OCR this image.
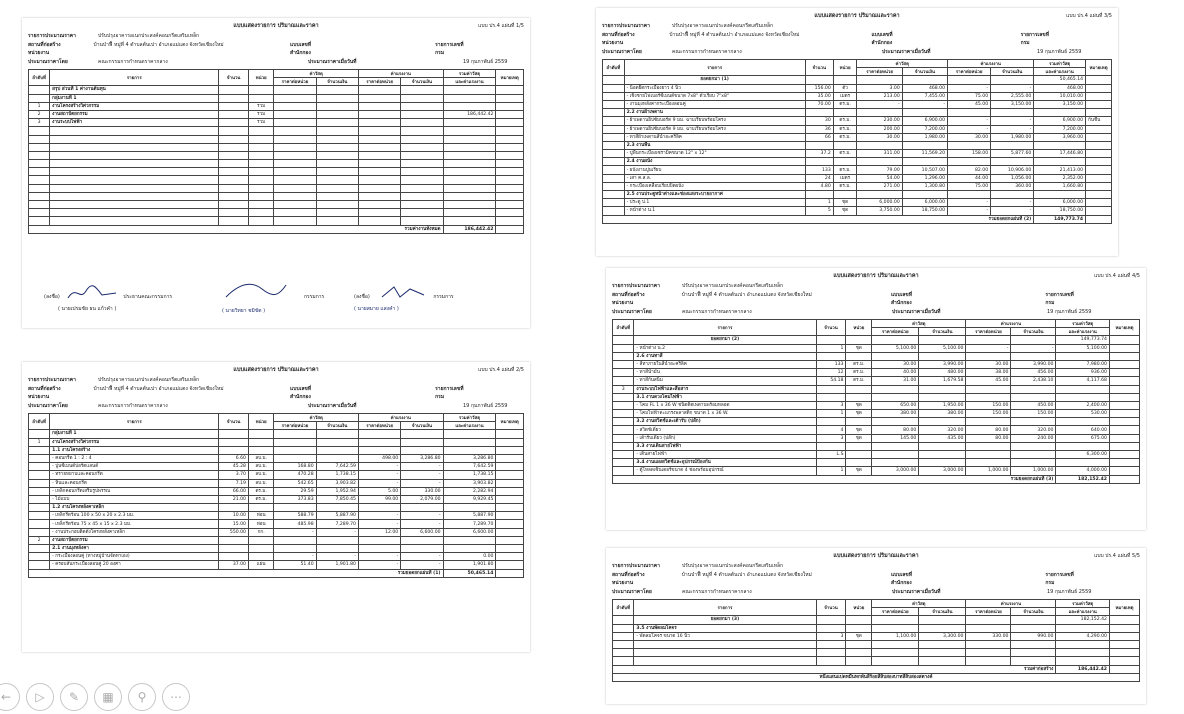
แบบแสดงรายการ ปริมาณและราคา	แบบ ปร.4 แผ่นที่ 1/5
รายการประมาณราคา	ปรับปรุงอาคารอเนกประสงค์คอนกรีตเสริมเหล็ก
สถานที่ก่อสร้าง	บ้านป่าฟื้ หมู่ที่ 4 ตำบลต้นเปา อำเภอแม่แตง จังหวัดเชียงใหม่	แบบเลขที่	รายการเลขที่
หน่วยงาน	สำนักกอง	กรม
ประมาณราคาโดย	คณะกรรมการกำหนดราคากลาง	ประมาณราคาเมื่อวันที่	19 กุมภาพันธ์ 2559
ลำดับที่	รายการ	จำนวน	หน่วย	ค่าวัสดุ		ค่าแรงงาน		รวมค่าวัสดุ	หมายเหตุ
				ราคาต่อหน่วย	จำนวนเงิน	ราคาต่อหน่วย	จำนวนเงิน	และค่าแรงงาน	
	สรุป ส่วนที่ 1 ค่างานต้นทุน								
	กลุ่มงานที่ 1								
1	งานโครงสร้างวิศวกรรม		รวม						
2	งานสถาปัตยกรรม		รวม					186,442.42	
3	งานระบบไฟฟ้า		รวม						

รวมค่างานทั้งหมด								186,442.42	
(ลงชื่อ)	ประธานคณะกรรมการ
( นายเปรมชัย ธน แก้วคำ )
กรรมการ
( นายวิทยา ชมิขัต )
(ลงชื่อ)	กรรมการ
( นายสมาย แสงคำ )
แบบแสดงรายการ ปริมาณและราคา	แบบ ปร.4 แผ่นที่ 2/5
รายการประมาณราคา	ปรับปรุงอาคารอเนกประสงค์คอนกรีตเสริมเหล็ก
สถานที่ก่อสร้าง	บ้านป่าฟื้ หมู่ที่ 4 ตำบลต้นเปา อำเภอแม่แตง จังหวัดเชียงใหม่	แบบเลขที่	รายการเลขที่
หน่วยงาน	สำนักกอง	กรม
ประมาณราคาโดย	คณะกรรมการกำหนดราคากลาง	ประมาณราคาเมื่อวันที่	19 กุมภาพันธ์ 2559
ลำดับที่	รายการ	จำนวน	หน่วย	ค่าวัสดุ		ค่าแรงงาน		รวมค่าวัสดุ	หมายเหตุ
				ราคาต่อหน่วย	จำนวนเงิน	ราคาต่อหน่วย	จำนวนเงิน	และค่าแรงงาน	
	กลุ่มงานที่ 1								
1	งานโครงสร้างวิศวกรรม								
	1.1 งานโครงสร้าง								
	- คอนกรีต 1 : 2 : 4	6.60	ลบ.ม.			498.00	3,286.80	3,286.80	
	- ปูนซีเมนต์ปอร์ตแลนด์	45.28	ลบ.ม.	168.80	7,642.59	-	-	7,642.59	
	- ทรายหยาบและคอนกรีต	3.70	ลบ.ม.	470.28	1,738.15	-	-	1,738.15	
	- หินและคอนกรีต	7.19	ลบ.ม.	542.65	3,903.82	-	-	3,903.82	
	- เหล็กคอนกรีตเสริมรูปพรรณ	66.00	ตร.ม.	29.59	1,952.94	5.00	330.00	2,282.94	
	- ไม้แบบ	21.00	ตร.ม.	373.83	7,850.45	99.00	2,079.00	9,929.45	
	1.2 งานโครงหลังคาเหล็ก								
	- เหล็กรีดร้อน 100 x 50 x 20 x 2.3 มม.	10.00	ท่อน	588.79	5,887.90	-	-	5,887.90	
	- เหล็กรีดร้อน 75 x 45 x 15 x 2.3 มม.	15.00	ท่อน	485.98	7,289.70	-	-	7,289.70	
	- งานประกอบติดตั้งโครงหลังคาเหล็ก	550.00	กก.	-	-	12.00	6,600.00	6,600.00	
2	งานสถาปัตยกรรม								
	2.1 งานมุงหลังคา								
	- กระเบื้องลอนคู่ (ทางหมู่บ้านจัดหาเอง)			-	-	-	-	0.00	
	- ครอบสันกระเบื้องลอนคู่ 20 องศา	37.00	แผ่น	51.40	1,901.80	-	-	1,901.80	
รวมยอดยกแผ่นที่ (1)								50,465.14	
แบบแสดงรายการ ปริมาณและราคา	แบบ ปร.4 แผ่นที่ 3/5
รายการประมาณราคา	ปรับปรุงอาคารอเนกประสงค์คอนกรีตเสริมเหล็ก
สถานที่ก่อสร้าง	บ้านป่าฟื้ หมู่ที่ 4 ตำบลต้นเปา อำเภอแม่แตง จังหวัดเชียงใหม่	แบบเลขที่	รายการเลขที่
หน่วยงาน	สำนักกอง	กรม
ประมาณราคาโดย	คณะกรรมการกำหนดราคากลาง	ประมาณราคาเมื่อวันที่	19 กุมภาพันธ์ 2559
ลำดับที่	รายการ	จำนวน	หน่วย	ค่าวัสดุ		ค่าแรงงาน		รวมค่าวัสดุ	หมายเหตุ
				ราคาต่อหน่วย	จำนวนเงิน	ราคาต่อหน่วย	จำนวนเงิน	และค่าแรงงาน	
	ยอดยกมา (1)							50,465.14	
	- น็อตยึดกระเบื้องยาว 4 นิ้ว	156.00	ตัว	3.00	468.00	-	-	468.00	
	- เชิงชายไฟเบอร์ซีเมนต์ขนาด 7x8" ตัวเรียบ 7"x8"	35.00	เมตร	213.00	7,455.00	75.00	2,555.00	10,010.00	
	- งานมุงหลังคากระเบื้องลอนคู่	70.00	ตร.ม.	-	-	45.00	3,150.00	3,150.00	
	2.2 งานฝ้าเพดาน								
	- ฝ้าเพดานยิปซัมบอร์ด 9 มม. ฉาบเรียบพร้อมโครง	30	ตร.ม.	230.00	6,900.00	-	-	6,900.00	กันชื้น
	- ฝ้าเพดานยิปซัมบอร์ด 9 มม. ฉาบเรียบพร้อมโครง	36	ตร.ม.	200.00	7,200.00	-	-	7,200.00	
	- ทาสีฝ้าเพดานสีน้ำอะคริลิค	66	ตร.ม.	30.00	1,980.00	30.00	1,980.00	3,960.00	
	2.3 งานพื้น								
	- ปูพื้นกระเบื้องเซรามิคขนาด 12" x 12"	37.2	ตร.ม.	311.00	11,569.20	158.00	5,877.60	17,446.80	
	2.4 งานผนัง								
	- ผนังงานปูนเรียบ	133	ตร.ม.	79.00	10,507.00	82.00	10,906.00	21,413.00	
	- เสา ค.ส.ล.	24	เมตร	54.00	1,296.00	44.00	1,056.00	2,352.00	
	- กระเบื้องเคลือบเรียบปิดผนัง	4.80	ตร.ม.	271.00	1,300.80	75.00	360.00	1,660.80	
	2.5 งานประตูหน้าต่างและช่องแสงระบายอากาศ								
	- ประตู ป.1	1	ชุด	6,000.00	6,000.00	-	-	6,000.00	
	- หน้าต่าง น.1	5	ชุด	3,750.00	18,750.00	-	-	18,750.00	
รวมยอดยกแผ่นที่ (2)								149,773.74	
แบบแสดงรายการ ปริมาณและราคา	แบบ ปร.4 แผ่นที่ 4/5
รายการประมาณราคา	ปรับปรุงอาคารอเนกประสงค์คอนกรีตเสริมเหล็ก
สถานที่ก่อสร้าง	บ้านป่าฟื้ หมู่ที่ 4 ตำบลต้นเปา อำเภอแม่แตง จังหวัดเชียงใหม่	แบบเลขที่	รายการเลขที่
หน่วยงาน	สำนักกอง	กรม
ประมาณราคาโดย	คณะกรรมการกำหนดราคากลาง	ประมาณราคาเมื่อวันที่	19 กุมภาพันธ์ 2559
ลำดับที่	รายการ	จำนวน	หน่วย	ค่าวัสดุ		ค่าแรงงาน		รวมค่าวัสดุ	หมายเหตุ
				ราคาต่อหน่วย	จำนวนเงิน	ราคาต่อหน่วย	จำนวนเงิน	และค่าแรงงาน	
	ยอดยกมา (2)							149,773.74	
	- หน้าต่าง น.2	1	ชุด	5,100.00	5,100.00	-	-	5,100.00	
	2.6 งานทาสี								
	- สีทาภายในสีน้ำอะคริลิค	133	ตร.ม.	30.00	3,990.00	30.00	3,990.00	7,980.00	
	- ทาสีน้ำมัน	12	ตร.ม.	40.00	480.00	38.00	456.00	936.00	
	- ทาสีกันสนิม	54.18	ตร.ม.	31.00	1,679.58	45.00	2,438.10	4,117.68	
3	งานระบบไฟฟ้าและสื่อสาร								
	3.1 งานดวงโคมไฟฟ้า								
	- โคม FL 1 x 36 W ชนิดติดเพดานพร้อมหลอด	3	ชุด	650.00	1,950.00	150.00	450.00	2,400.00	
	- โคมไฟฟ้าตะแกรงพลาสติก ขนาด 1 x 36 W.	1	ชุด	380.00	380.00	150.00	150.00	530.00	
	3.2 งานสวิตช์และเต้ารับ (ปลั๊ก)								
	- สวิตช์เดี่ยว	4	ชุด	80.00	320.00	80.00	320.00	640.00	
	- เต้ารับเดี่ยว (ปลั๊ก)	3	ชุด	145.00	435.00	80.00	240.00	675.00	
	3.3 งานเดินสายไฟฟ้า								
	- เดินสายไฟฟ้า	L.S						6,300.00	
	3.4 งานแผงสวิตช์และอุปกรณ์ป้องกัน								
	- ตู้โหลดเซ็นเตอร์ขนาด 4 ช่องพร้อมอุปกรณ์	1	ชุด	3,000.00	3,000.00	1,000.00	1,000.00	4,000.00	
รวมยอดยกแผ่นที่ (3)								182,152.42	
แบบแสดงรายการ ปริมาณและราคา	แบบ ปร.4 แผ่นที่ 5/5
รายการประมาณราคา	ปรับปรุงอาคารอเนกประสงค์คอนกรีตเสริมเหล็ก
สถานที่ก่อสร้าง	บ้านป่าฟื้ หมู่ที่ 4 ตำบลต้นเปา อำเภอแม่แตง จังหวัดเชียงใหม่	แบบเลขที่	รายการเลขที่
หน่วยงาน	สำนักกอง	กรม
ประมาณราคาโดย	คณะกรรมการกำหนดราคากลาง	ประมาณราคาเมื่อวันที่	19 กุมภาพันธ์ 2559
ลำดับที่	รายการ	จำนวน	หน่วย	ค่าวัสดุ		ค่าแรงงาน		รวมค่าวัสดุ	หมายเหตุ
				ราคาต่อหน่วย	จำนวนเงิน	ราคาต่อหน่วย	จำนวนเงิน	และค่าแรงงาน	
	ยอดยกมา (3)							182,152.42	
	3.5 งานพัดลมโคจร								
	- พัดลมโคจร ขนาด 16 นิ้ว	3	ชุด	1,100.00	3,300.00	330.00	990.00	4,290.00	

รวมค่าก่อสร้าง								186,442.42	
หนึ่งแสนแปดหมื่นหกพันสี่ร้อยสี่สิบสองบาทสี่สิบสองสตางค์									
←	▷	✎	▦	⚲	⋯
